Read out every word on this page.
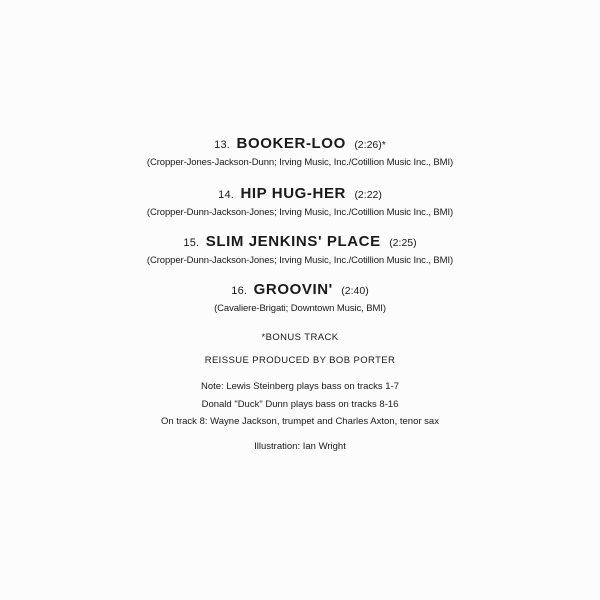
13. BOOKER-LOO (2:26)*
(Cropper-Jones-Jackson-Dunn; Irving Music, Inc./Cotillion Music Inc., BMI)
14. HIP HUG-HER (2:22)
(Cropper-Dunn-Jackson-Jones; Irving Music, Inc./Cotillion Music Inc., BMI)
15. SLIM JENKINS' PLACE (2:25)
(Cropper-Dunn-Jackson-Jones; Irving Music, Inc./Cotillion Music Inc., BMI)
16. GROOVIN' (2:40)
(Cavaliere-Brigati; Downtown Music, BMI)
*BONUS TRACK
REISSUE PRODUCED BY BOB PORTER
Note: Lewis Steinberg plays bass on tracks 1-7
Donald "Duck" Dunn plays bass on tracks 8-16
On track 8: Wayne Jackson, trumpet and Charles Axton, tenor sax
Illustration: Ian Wright
